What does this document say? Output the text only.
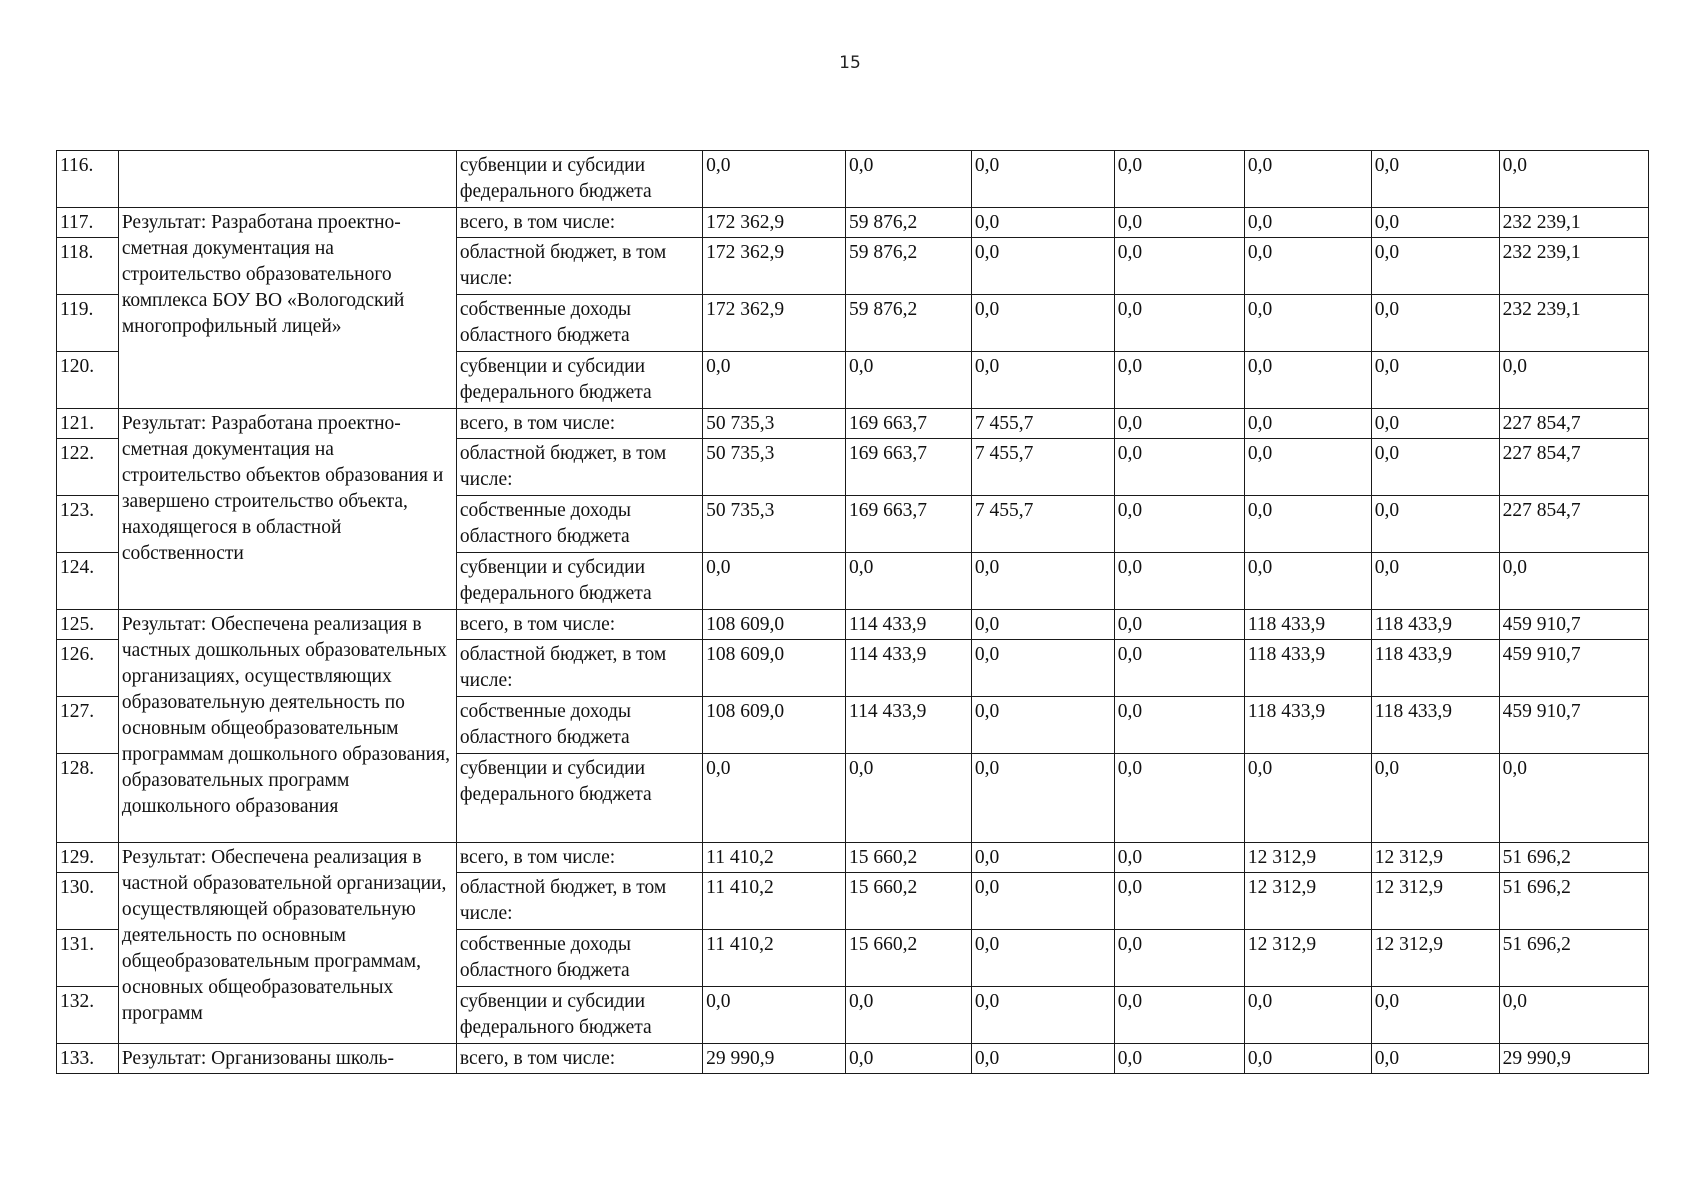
15
116.		субвенции и субсидии федерального бюджета	0,0	0,0	0,0	0,0	0,0	0,0	0,0
117.	Результат: Разработана проектно-сметная документация на строительство образовательного комплекса БОУ ВО «Вологодский многопрофильный лицей»	всего, в том числе:	172 362,9	59 876,2	0,0	0,0	0,0	0,0	232 239,1
118.		областной бюджет, в том числе:	172 362,9	59 876,2	0,0	0,0	0,0	0,0	232 239,1
119.		собственные доходы областного бюджета	172 362,9	59 876,2	0,0	0,0	0,0	0,0	232 239,1
120.		субвенции и субсидии федерального бюджета	0,0	0,0	0,0	0,0	0,0	0,0	0,0
121.	Результат: Разработана проектно-сметная документация на строительство объектов образования и завершено строительство объекта, находящегося в областной собственности	всего, в том числе:	50 735,3	169 663,7	7 455,7	0,0	0,0	0,0	227 854,7
122.		областной бюджет, в том числе:	50 735,3	169 663,7	7 455,7	0,0	0,0	0,0	227 854,7
123.		собственные доходы областного бюджета	50 735,3	169 663,7	7 455,7	0,0	0,0	0,0	227 854,7
124.		субвенции и субсидии федерального бюджета	0,0	0,0	0,0	0,0	0,0	0,0	0,0
125.	Результат: Обеспечена реализация в частных дошкольных образовательных организациях, осуществляющих образовательную деятельность по основным общеобразовательным программам дошкольного образования, образовательных программ дошкольного образования	всего, в том числе:	108 609,0	114 433,9	0,0	0,0	118 433,9	118 433,9	459 910,7
126.		областной бюджет, в том числе:	108 609,0	114 433,9	0,0	0,0	118 433,9	118 433,9	459 910,7
127.		собственные доходы областного бюджета	108 609,0	114 433,9	0,0	0,0	118 433,9	118 433,9	459 910,7
128.		субвенции и субсидии федерального бюджета	0,0	0,0	0,0	0,0	0,0	0,0	0,0
129.	Результат: Обеспечена реализация в частной образовательной организации, осуществляющей образовательную деятельность по основным общеобразовательным программам, основных общеобразовательных программ	всего, в том числе:	11 410,2	15 660,2	0,0	0,0	12 312,9	12 312,9	51 696,2
130.		областной бюджет, в том числе:	11 410,2	15 660,2	0,0	0,0	12 312,9	12 312,9	51 696,2
131.		собственные доходы областного бюджета	11 410,2	15 660,2	0,0	0,0	12 312,9	12 312,9	51 696,2
132.		субвенции и субсидии федерального бюджета	0,0	0,0	0,0	0,0	0,0	0,0	0,0
133.	Результат: Организованы школь-	всего, в том числе:	29 990,9	0,0	0,0	0,0	0,0	0,0	29 990,9
